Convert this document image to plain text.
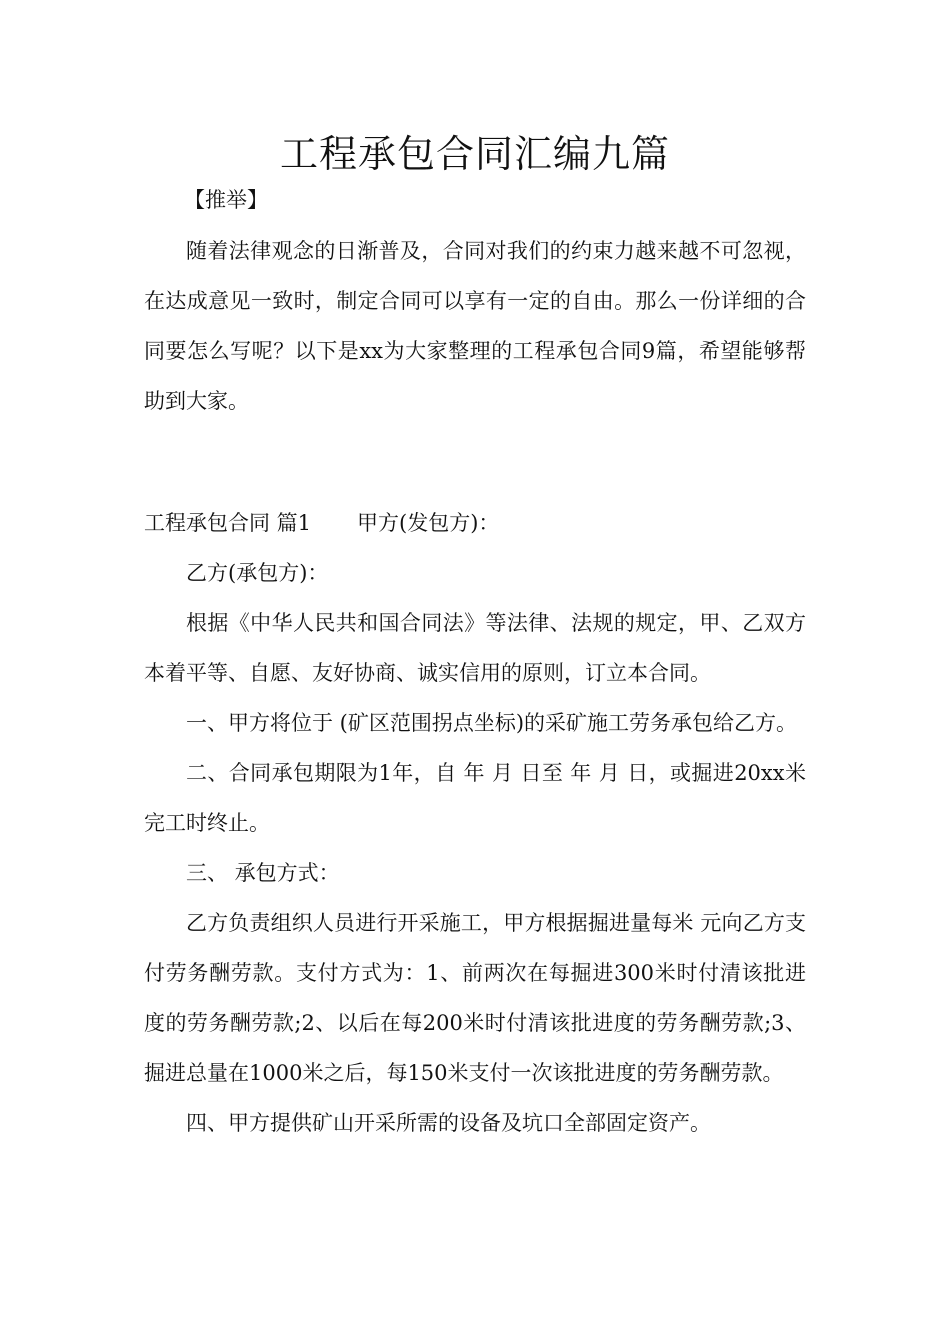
工程承包合同汇编九篇
【推举】

随着法律观念的日渐普及，合同对我们的约束力越来越不可忽视，在达成意见一致时，制定合同可以享有一定的自由。那么一份详细的合同要怎么写呢？以下是xx为大家整理的工程承包合同9篇，希望能够帮助到大家。

工程承包合同 篇1 甲方(发包方)：

乙方(承包方)：

根据《中华人民共和国合同法》等法律、法规的规定，甲、乙双方本着平等、自愿、友好协商、诚实信用的原则，订立本合同。

一、甲方将位于 (矿区范围拐点坐标)的采矿施工劳务承包给乙方。

二、合同承包期限为1年，自 年 月 日至 年 月 日，或掘进20xx米完工时终止。

三、 承包方式：

乙方负责组织人员进行开采施工，甲方根据掘进量每米 元向乙方支付劳务酬劳款。支付方式为：1、前两次在每掘进300米时付清该批进度的劳务酬劳款;2、以后在每200米时付清该批进度的劳务酬劳款;3、掘进总量在1000米之后，每150米支付一次该批进度的劳务酬劳款。

四、甲方提供矿山开采所需的设备及坑口全部固定资产。
